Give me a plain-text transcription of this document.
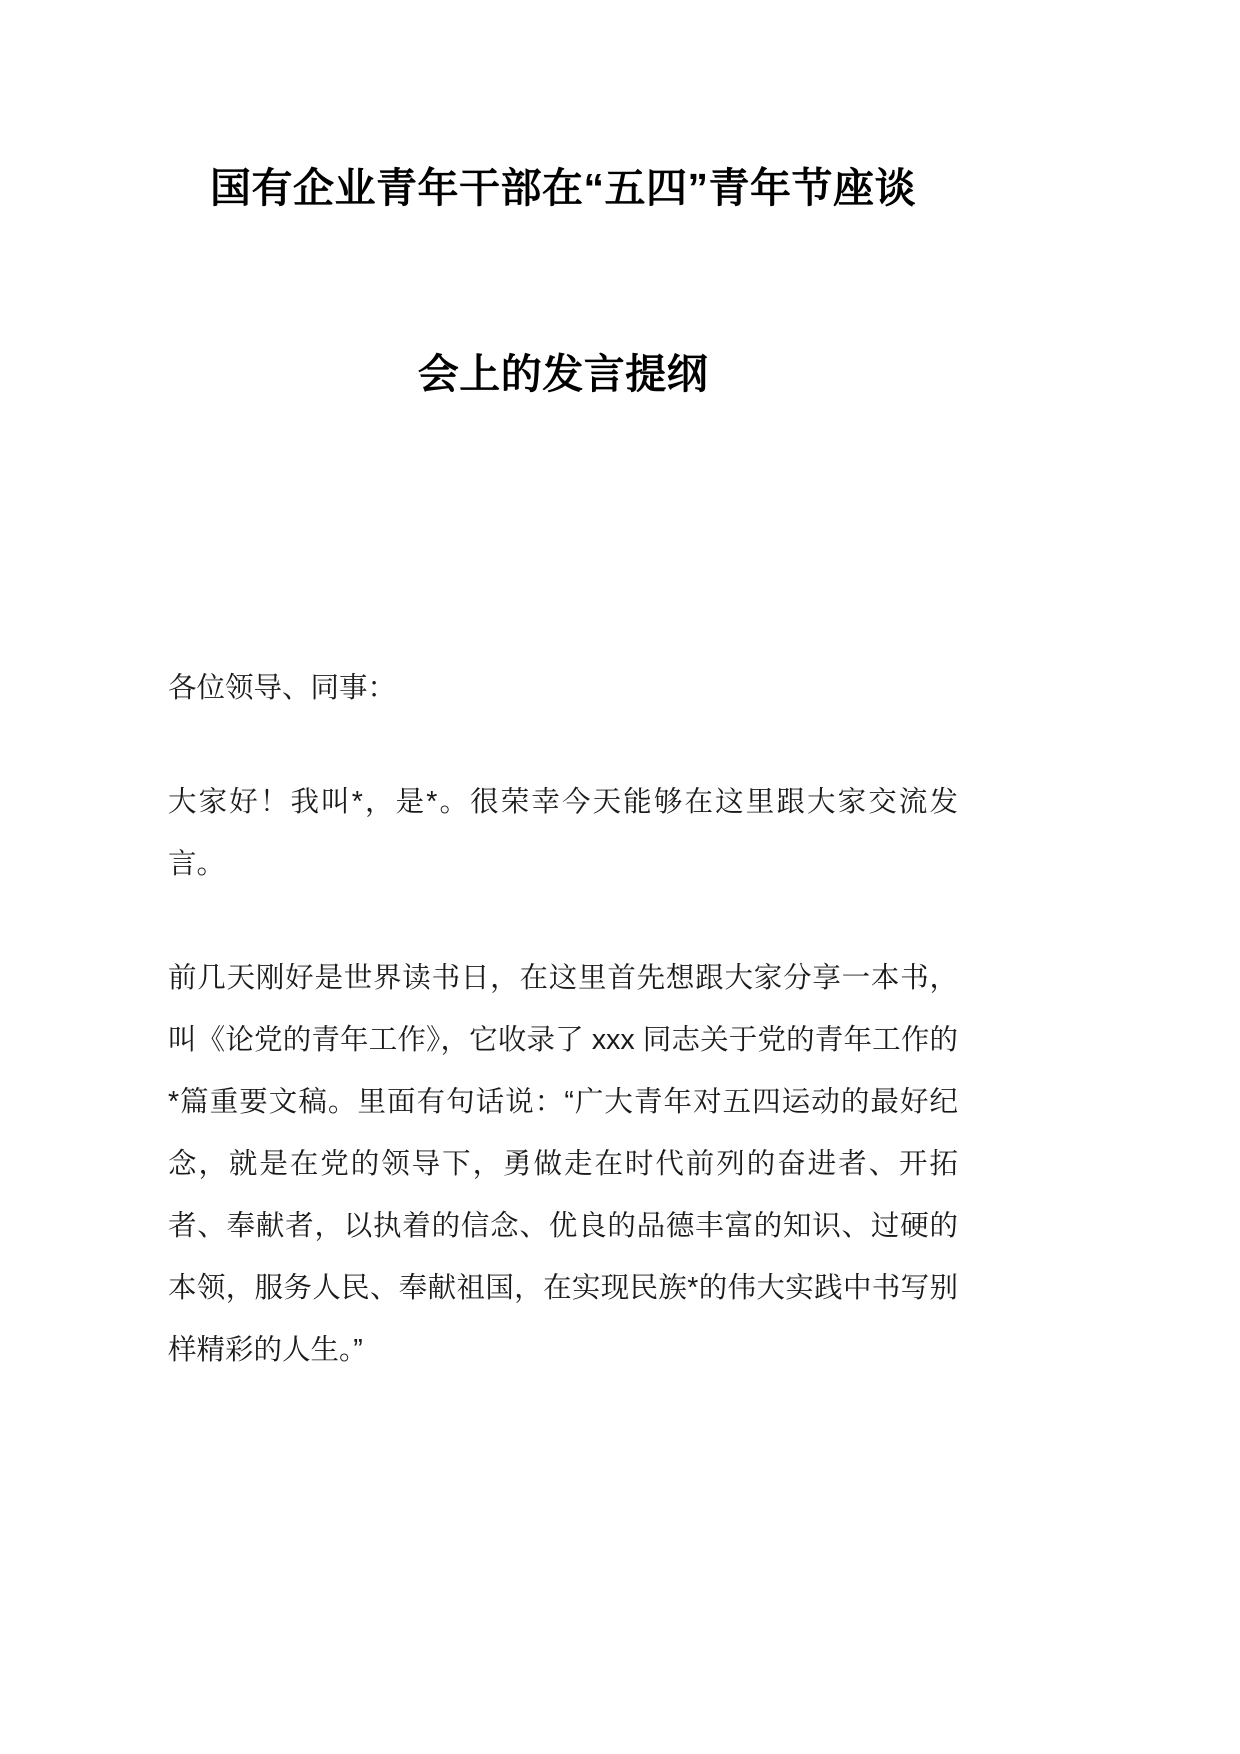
国有企业青年干部在“五四”青年节座谈
会上的发言提纲

各位领导、同事：

大家好！我叫*，是*。很荣幸今天能够在这里跟大家交流发言。

前几天刚好是世界读书日，在这里首先想跟大家分享一本书，叫《论党的青年工作》，它收录了 xxx 同志关于党的青年工作的*篇重要文稿。里面有句话说：“广大青年对五四运动的最好纪念，就是在党的领导下，勇做走在时代前列的奋进者、开拓者、奉献者，以执着的信念、优良的品德丰富的知识、过硬的本领，服务人民、奉献祖国，在实现民族*的伟大实践中书写别样精彩的人生。”
